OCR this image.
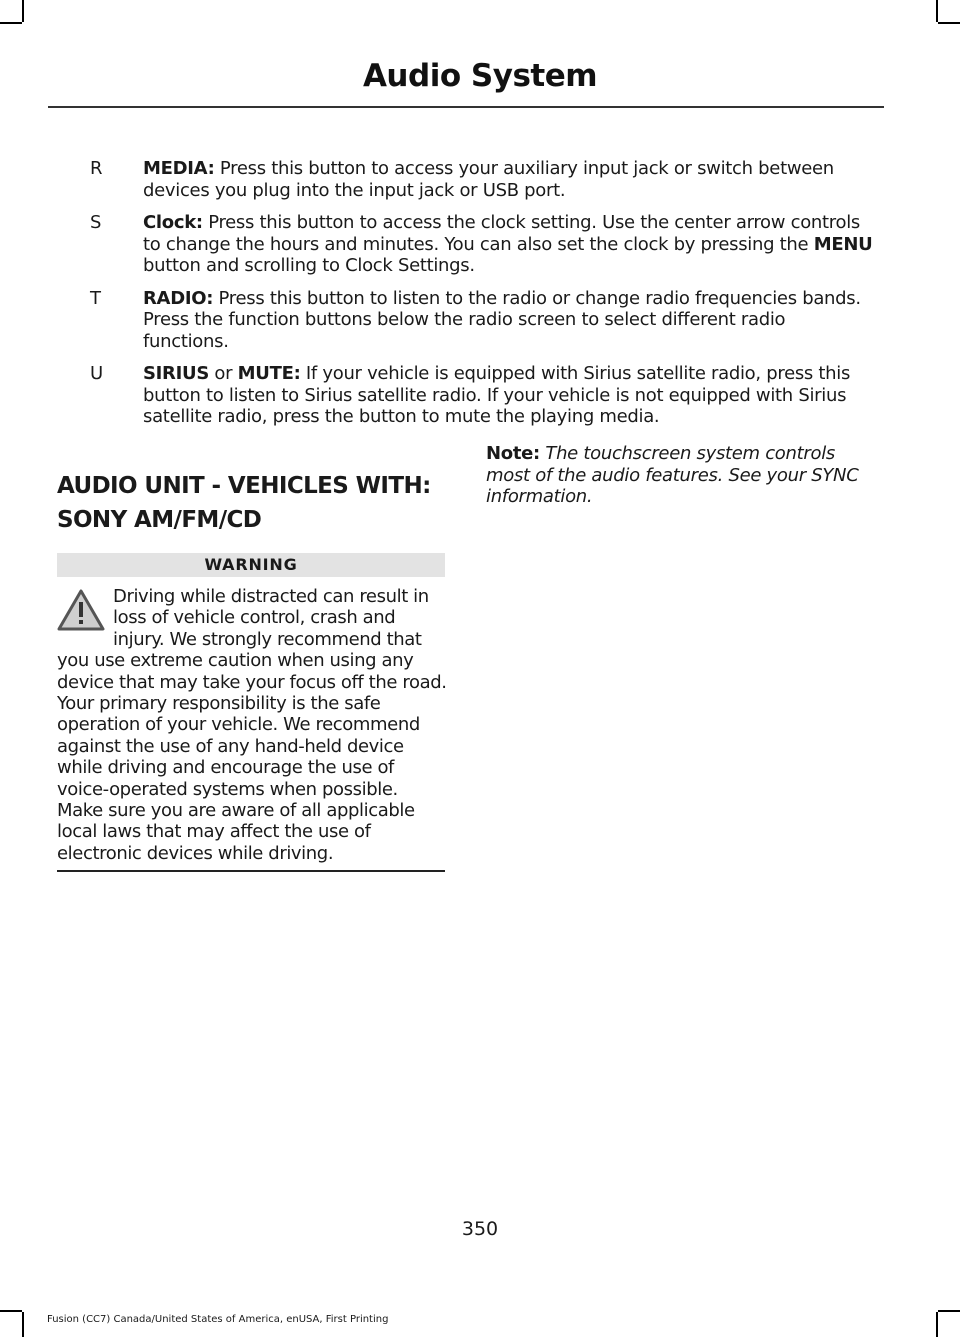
Audio System
R MEDIA: Press this button to access your auxiliary input jack or switch between devices you plug into the input jack or USB port.
S Clock: Press this button to access the clock setting. Use the center arrow controls to change the hours and minutes. You can also set the clock by pressing the MENU button and scrolling to Clock Settings.
T RADIO: Press this button to listen to the radio or change radio frequencies bands. Press the function buttons below the radio screen to select different radio functions.
U SIRIUS or MUTE: If your vehicle is equipped with Sirius satellite radio, press this button to listen to Sirius satellite radio. If your vehicle is not equipped with Sirius satellite radio, press the button to mute the playing media.
AUDIO UNIT - VEHICLES WITH:
SONY AM/FM/CD
WARNING
Driving while distracted can result in loss of vehicle control, crash and injury. We strongly recommend that you use extreme caution when using any device that may take your focus off the road. Your primary responsibility is the safe operation of your vehicle. We recommend against the use of any hand-held device while driving and encourage the use of voice-operated systems when possible. Make sure you are aware of all applicable local laws that may affect the use of electronic devices while driving.
Note: The touchscreen system controls most of the audio features. See your SYNC information.
350
Fusion (CC7) Canada/United States of America, enUSA, First Printing
